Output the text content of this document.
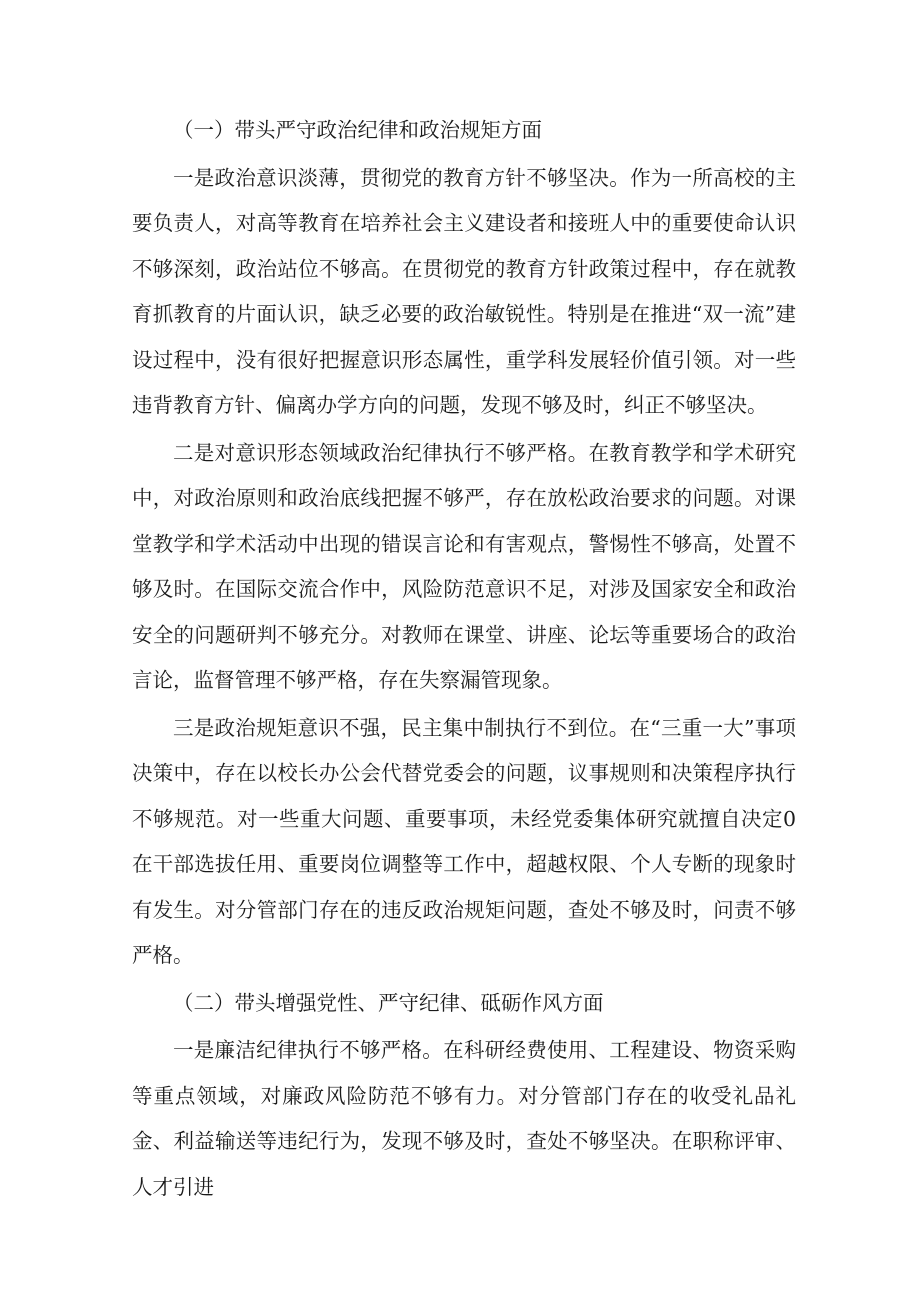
（一）带头严守政治纪律和政治规矩方面

一是政治意识淡薄，贯彻党的教育方针不够坚决。作为一所高校的主要负责人，对高等教育在培养社会主义建设者和接班人中的重要使命认识不够深刻，政治站位不够高。在贯彻党的教育方针政策过程中，存在就教育抓教育的片面认识，缺乏必要的政治敏锐性。特别是在推进“双一流”建设过程中，没有很好把握意识形态属性，重学科发展轻价值引领。对一些违背教育方针、偏离办学方向的问题，发现不够及时，纠正不够坚决。

二是对意识形态领域政治纪律执行不够严格。在教育教学和学术研究中，对政治原则和政治底线把握不够严，存在放松政治要求的问题。对课堂教学和学术活动中出现的错误言论和有害观点，警惕性不够高，处置不够及时。在国际交流合作中，风险防范意识不足，对涉及国家安全和政治安全的问题研判不够充分。对教师在课堂、讲座、论坛等重要场合的政治言论，监督管理不够严格，存在失察漏管现象。

三是政治规矩意识不强，民主集中制执行不到位。在“三重一大”事项决策中，存在以校长办公会代替党委会的问题，议事规则和决策程序执行不够规范。对一些重大问题、重要事项，未经党委集体研究就擅自决定0在干部选拔任用、重要岗位调整等工作中，超越权限、个人专断的现象时有发生。对分管部门存在的违反政治规矩问题，查处不够及时，问责不够严格。

（二）带头增强党性、严守纪律、砥砺作风方面

一是廉洁纪律执行不够严格。在科研经费使用、工程建设、物资采购等重点领域，对廉政风险防范不够有力。对分管部门存在的收受礼品礼金、利益输送等违纪行为，发现不够及时，查处不够坚决。在职称评审、人才引进
